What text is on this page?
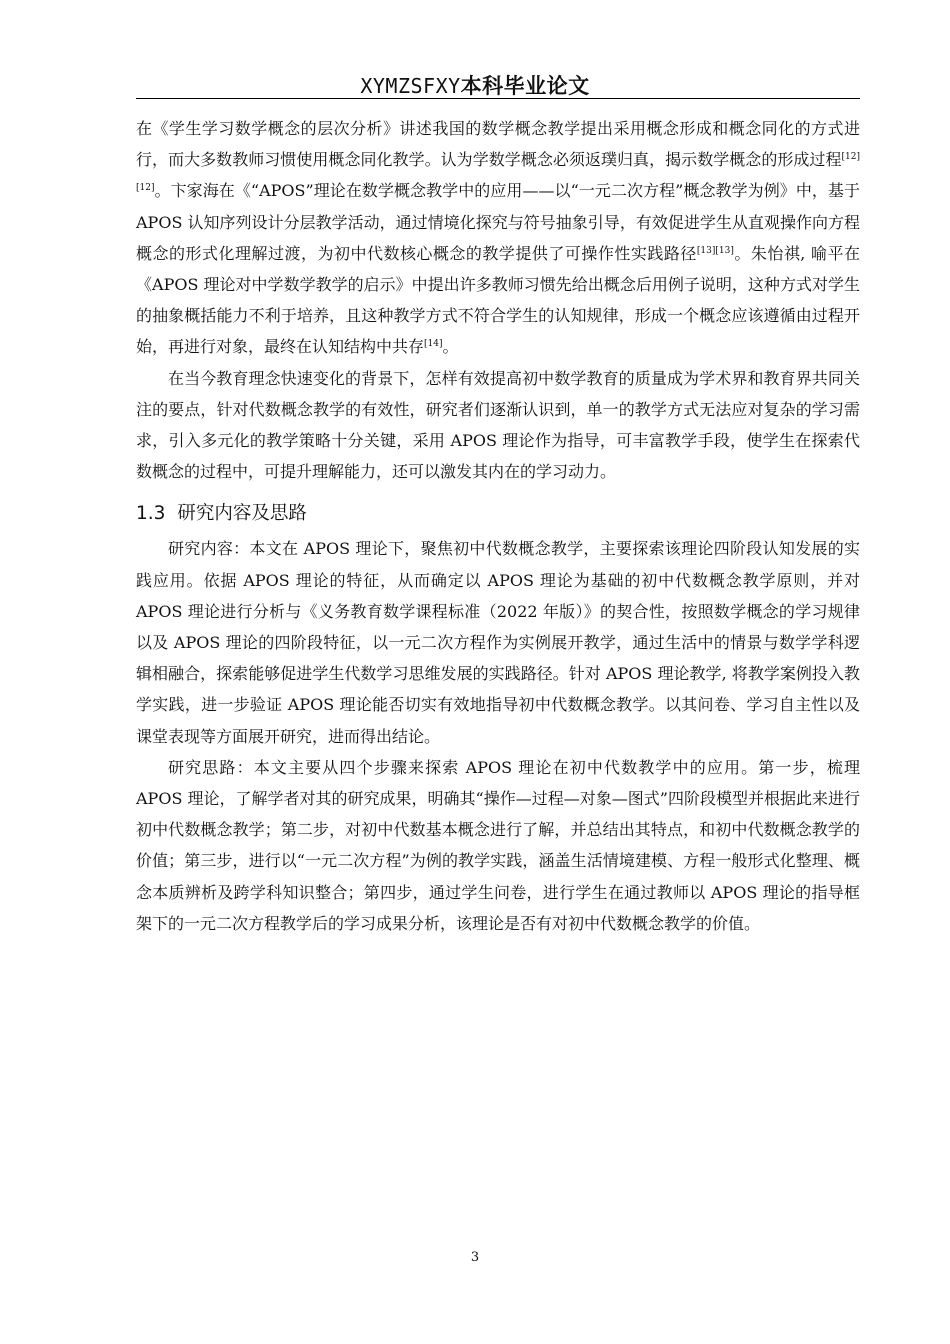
XYMZSFXY本科毕业论文

在《学生学习数学概念的层次分析》讲述我国的数学概念教学提出采用概念形成和概念同化的方式进行，而大多数教师习惯使用概念同化教学。认为学数学概念必须返璞归真，揭示数学概念的形成过程[12][12]。卞家海在《“APOS”理论在数学概念教学中的应用——以“一元二次方程”概念教学为例》中，基于 APOS 认知序列设计分层教学活动，通过情境化探究与符号抽象引导，有效促进学生从直观操作向方程概念的形式化理解过渡，为初中代数核心概念的教学提供了可操作性实践路径[13][13]。朱怡祺, 喻平在《APOS 理论对中学数学教学的启示》中提出许多教师习惯先给出概念后用例子说明，这种方式对学生的抽象概括能力不利于培养，且这种教学方式不符合学生的认知规律，形成一个概念应该遵循由过程开始，再进行对象，最终在认知结构中共存[14]。

在当今教育理念快速变化的背景下，怎样有效提高初中数学教育的质量成为学术界和教育界共同关注的要点，针对代数概念教学的有效性，研究者们逐渐认识到，单一的教学方式无法应对复杂的学习需求，引入多元化的教学策略十分关键，采用 APOS 理论作为指导，可丰富教学手段，使学生在探索代数概念的过程中，可提升理解能力，还可以激发其内在的学习动力。

1.3 研究内容及思路

研究内容：本文在 APOS 理论下，聚焦初中代数概念教学，主要探索该理论四阶段认知发展的实践应用。依据 APOS 理论的特征，从而确定以 APOS 理论为基础的初中代数概念教学原则，并对 APOS 理论进行分析与《义务教育数学课程标准（2022 年版）》的契合性，按照数学概念的学习规律以及 APOS 理论的四阶段特征，以一元二次方程作为实例展开教学，通过生活中的情景与数学学科逻辑相融合，探索能够促进学生代数学习思维发展的实践路径。针对 APOS 理论教学, 将教学案例投入教学实践，进一步验证 APOS 理论能否切实有效地指导初中代数概念教学。以其问卷、学习自主性以及课堂表现等方面展开研究，进而得出结论。

研究思路：本文主要从四个步骤来探索 APOS 理论在初中代数教学中的应用。第一步，梳理 APOS 理论，了解学者对其的研究成果，明确其“操作—过程—对象—图式”四阶段模型并根据此来进行初中代数概念教学；第二步，对初中代数基本概念进行了解，并总结出其特点，和初中代数概念教学的价值；第三步，进行以“一元二次方程”为例的教学实践，涵盖生活情境建模、方程一般形式化整理、概念本质辨析及跨学科知识整合；第四步，通过学生问卷，进行学生在通过教师以 APOS 理论的指导框架下的一元二次方程教学后的学习成果分析，该理论是否有对初中代数概念教学的价值。

3
